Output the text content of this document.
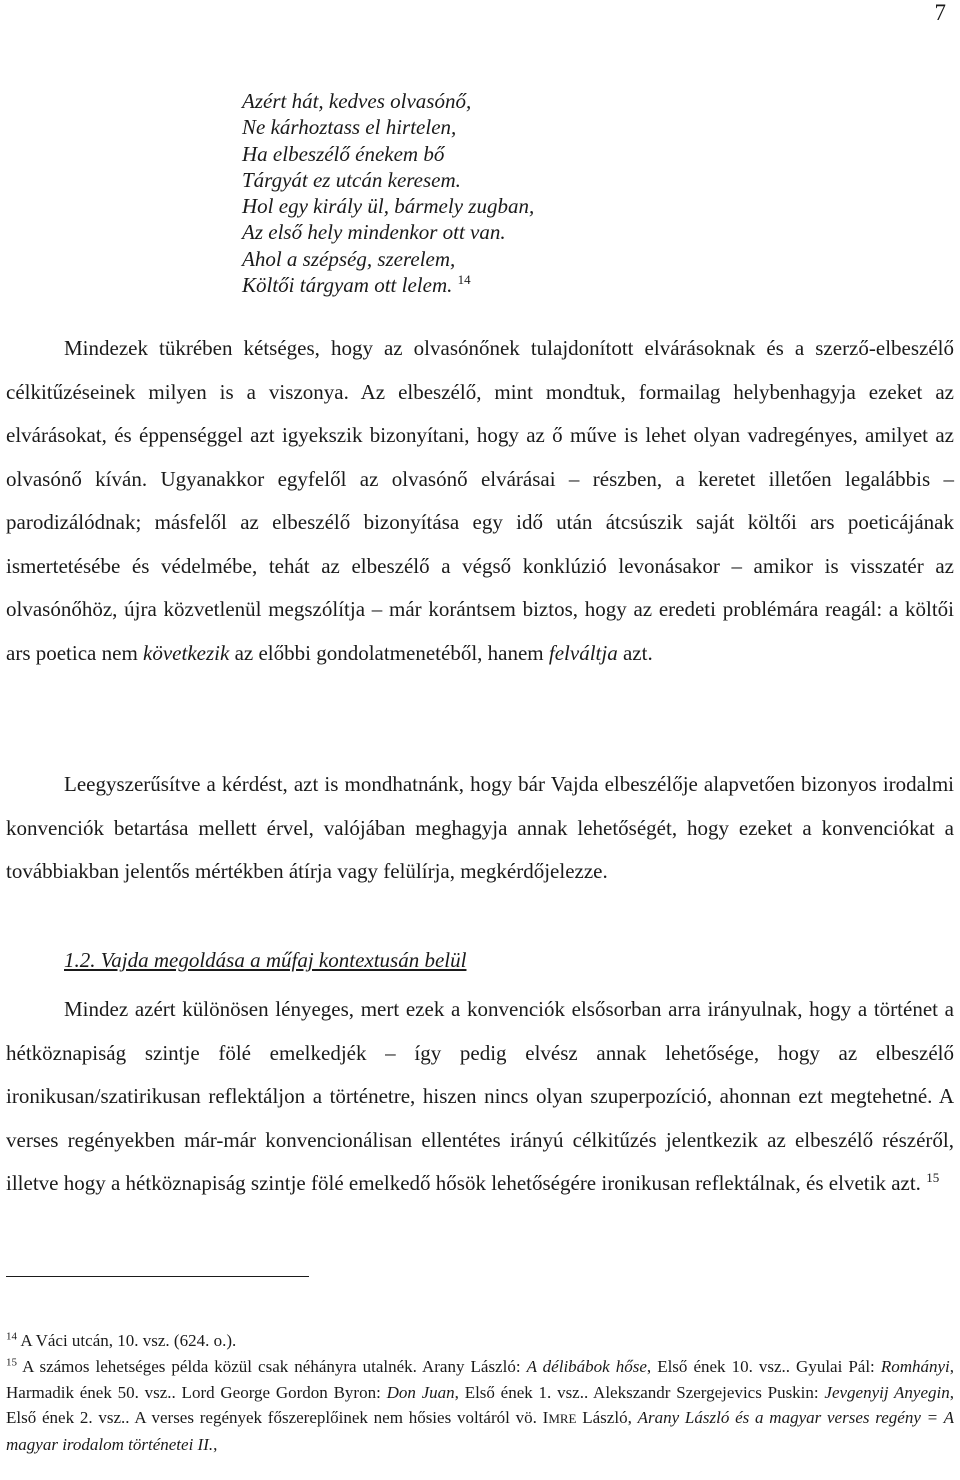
7
Azért hát, kedves olvasónő,
Ne kárhoztass el hirtelen,
Ha elbeszélő énekem bő
Tárgyát ez utcán keresem.
Hol egy király ül, bármely zugban,
Az első hely mindenkor ott van.
Ahol a szépség, szerelem,
Költői tárgyam ott lelem. $^{14}$

Mindezek tükrében kétséges, hogy az olvasónőnek tulajdonított elvárásoknak és a szerző-elbeszélő célkitűzéseinek milyen is a viszonya. Az elbeszélő, mint mondtuk, formailag helybenhagyja ezeket az elvárásokat, és éppenséggel azt igyekszik bizonyítani, hogy az ő műve is lehet olyan vadregényes, amilyet az olvasónő kíván. Ugyanakkor egyfelől az olvasónő elvárásai – részben, a keretet illetően legalábbis – parodizálódnak; másfelől az elbeszélő bizonyítása egy idő után átcsúszik saját költői ars poeticájának ismertetésébe és védelmébe, tehát az elbeszélő a végső konklúzió levonásakor – amikor is visszatér az olvasónőhöz, újra közvetlenül megszólítja – már korántsem biztos, hogy az eredeti problémára reagál: a költői ars poetica nem következik az előbbi gondolatmenetéből, hanem felváltja azt.

Leegyszerűsítve a kérdést, azt is mondhatnánk, hogy bár Vajda elbeszélője alapvetően bizonyos irodalmi konvenciók betartása mellett érvel, valójában meghagyja annak lehetőségét, hogy ezeket a konvenciókat a továbbiakban jelentős mértékben átírja vagy felülírja, megkérdőjelezze.

1.2. Vajda megoldása a műfaj kontextusán belül

Mindez azért különösen lényeges, mert ezek a konvenciók elsősorban arra irányulnak, hogy a történet a hétköznapiság szintje fölé emelkedjék – így pedig elvész annak lehetősége, hogy az elbeszélő ironikusan/szatirikusan reflektáljon a történetre, hiszen nincs olyan szuperpozíció, ahonnan ezt megtehetné. A verses regényekben már-már konvencionálisan ellentétes irányú célkitűzés jelentkezik az elbeszélő részéről, illetve hogy a hétköznapiság szintje fölé emelkedő hősök lehetőségére ironikusan reflektálnak, és elvetik azt. $^{15}$

$^{14}$ A Váci utcán, 10. vsz. (624. o.).

$^{15}$ A számos lehetséges példa közül csak néhányra utalnék. Arany László: A délibábok hőse, Első ének 10. vsz.. Gyulai Pál: Romhányi, Harmadik ének 50. vsz.. Lord George Gordon Byron: Don Juan, Első ének 1. vsz.. Alekszandr Szergejevics Puskin: Jevgenyij Anyegin, Első ének 2. vsz.. A verses regények főszereplőinek nem hősies voltáról vö. IMRE László, Arany László és a magyar verses regény = A magyar irodalom történetei II.,
